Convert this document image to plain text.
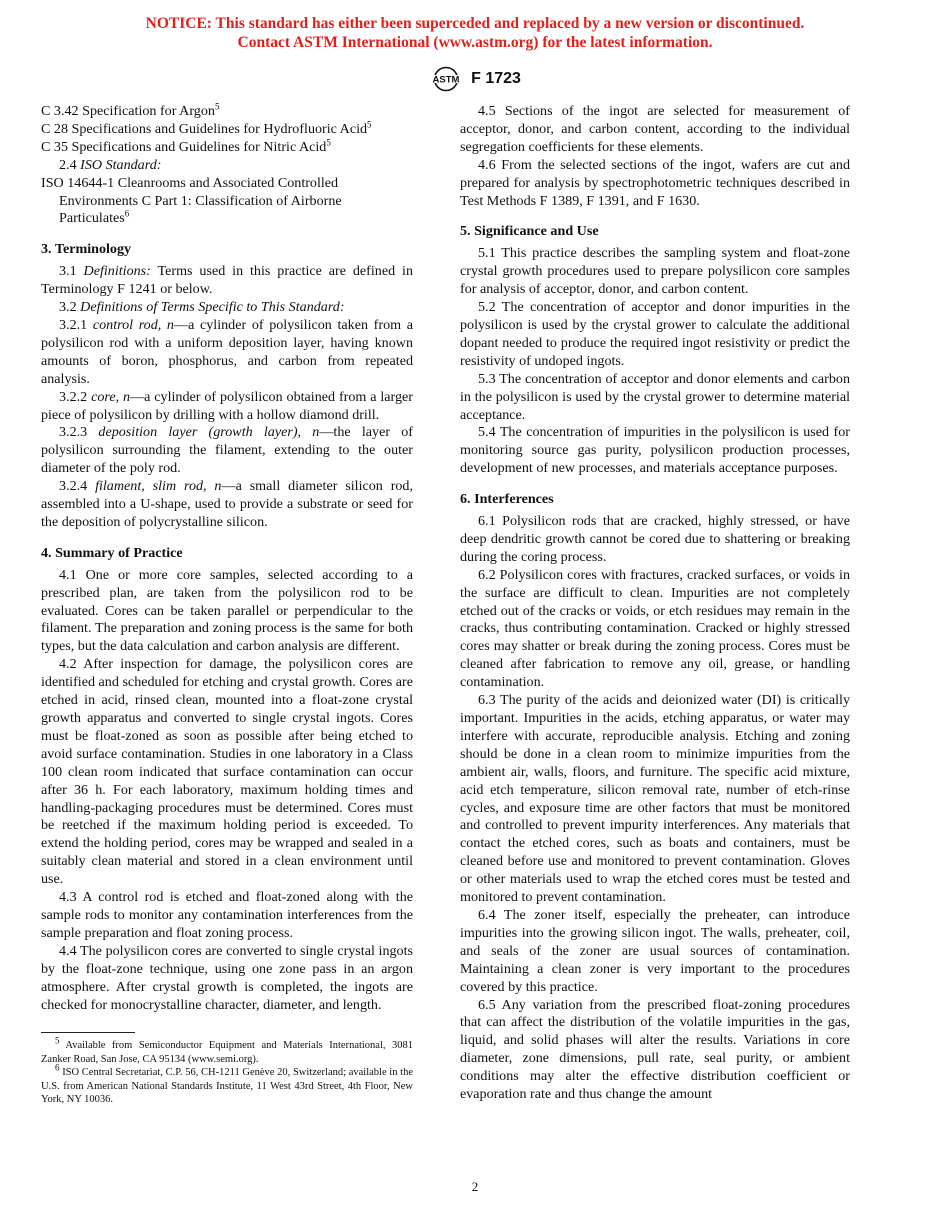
NOTICE: This standard has either been superceded and replaced by a new version or discontinued.
Contact ASTM International (www.astm.org) for the latest information.
ASTM F 1723

C 3.42 Specification for Argon$^5$

C 28 Specifications and Guidelines for Hydrofluoric Acid$^5$

C 35 Specifications and Guidelines for Nitric Acid$^5$

2.4 ISO Standard:

ISO 14644-1 Cleanrooms and Associated Controlled Environments C Part 1: Classification of Airborne Particulates$^6$

3. Terminology

3.1 Definitions: Terms used in this practice are defined in Terminology F 1241 or below.

3.2 Definitions of Terms Specific to This Standard:

3.2.1 control rod, n—a cylinder of polysilicon taken from a polysilicon rod with a uniform deposition layer, having known amounts of boron, phosphorus, and carbon from repeated analysis.

3.2.2 core, n—a cylinder of polysilicon obtained from a larger piece of polysilicon by drilling with a hollow diamond drill.

3.2.3 deposition layer (growth layer), n—the layer of polysilicon surrounding the filament, extending to the outer diameter of the poly rod.

3.2.4 filament, slim rod, n—a small diameter silicon rod, assembled into a U-shape, used to provide a substrate or seed for the deposition of polycrystalline silicon.

4. Summary of Practice

4.1 One or more core samples, selected according to a prescribed plan, are taken from the polysilicon rod to be evaluated. Cores can be taken parallel or perpendicular to the filament. The preparation and zoning process is the same for both types, but the data calculation and carbon analysis are different.

4.2 After inspection for damage, the polysilicon cores are identified and scheduled for etching and crystal growth. Cores are etched in acid, rinsed clean, mounted into a float-zone crystal growth apparatus and converted to single crystal ingots. Cores must be float-zoned as soon as possible after being etched to avoid surface contamination. Studies in one laboratory in a Class 100 clean room indicated that surface contamination can occur after 36 h. For each laboratory, maximum holding times and handling-packaging procedures must be determined. Cores must be reetched if the maximum holding period is exceeded. To extend the holding period, cores may be wrapped and sealed in a suitably clean material and stored in a clean environment until use.

4.3 A control rod is etched and float-zoned along with the sample rods to monitor any contamination interferences from the sample preparation and float zoning process.

4.4 The polysilicon cores are converted to single crystal ingots by the float-zone technique, using one zone pass in an argon atmosphere. After crystal growth is completed, the ingots are checked for monocrystalline character, diameter, and length.

$^5$ Available from Semiconductor Equipment and Materials International, 3081 Zanker Road, San Jose, CA 95134 (www.semi.org).

$^6$ ISO Central Secretariat, C.P. 56, CH-1211 Genève 20, Switzerland; available in the U.S. from American National Standards Institute, 11 West 43rd Street, 4th Floor, New York, NY 10036.

4.5 Sections of the ingot are selected for measurement of acceptor, donor, and carbon content, according to the individual segregation coefficients for these elements.

4.6 From the selected sections of the ingot, wafers are cut and prepared for analysis by spectrophotometric techniques described in Test Methods F 1389, F 1391, and F 1630.

5. Significance and Use

5.1 This practice describes the sampling system and float-zone crystal growth procedures used to prepare polysilicon core samples for analysis of acceptor, donor, and carbon content.

5.2 The concentration of acceptor and donor impurities in the polysilicon is used by the crystal grower to calculate the additional dopant needed to produce the required ingot resistivity or predict the resistivity of undoped ingots.

5.3 The concentration of acceptor and donor elements and carbon in the polysilicon is used by the crystal grower to determine material acceptance.

5.4 The concentration of impurities in the polysilicon is used for monitoring source gas purity, polysilicon production processes, development of new processes, and materials acceptance purposes.

6. Interferences

6.1 Polysilicon rods that are cracked, highly stressed, or have deep dendritic growth cannot be cored due to shattering or breaking during the coring process.

6.2 Polysilicon cores with fractures, cracked surfaces, or voids in the surface are difficult to clean. Impurities are not completely etched out of the cracks or voids, or etch residues may remain in the cracks, thus contributing contamination. Cracked or highly stressed cores may shatter or break during the zoning process. Cores must be cleaned after fabrication to remove any oil, grease, or handling contamination.

6.3 The purity of the acids and deionized water (DI) is critically important. Impurities in the acids, etching apparatus, or water may interfere with accurate, reproducible analysis. Etching and zoning should be done in a clean room to minimize impurities from the ambient air, walls, floors, and furniture. The specific acid mixture, acid etch temperature, silicon removal rate, number of etch-rinse cycles, and exposure time are other factors that must be monitored and controlled to prevent impurity interferences. Any materials that contact the etched cores, such as boats and containers, must be cleaned before use and monitored to prevent contamination. Gloves or other materials used to wrap the etched cores must be tested and monitored to prevent contamination.

6.4 The zoner itself, especially the preheater, can introduce impurities into the growing silicon ingot. The walls, preheater, coil, and seals of the zoner are usual sources of contamination. Maintaining a clean zoner is very important to the procedures covered by this practice.

6.5 Any variation from the prescribed float-zoning procedures that can affect the distribution of the volatile impurities in the gas, liquid, and solid phases will alter the results. Variations in core diameter, zone dimensions, pull rate, seal purity, or ambient conditions may alter the effective distribution coefficient or evaporation rate and thus change the amount

2
